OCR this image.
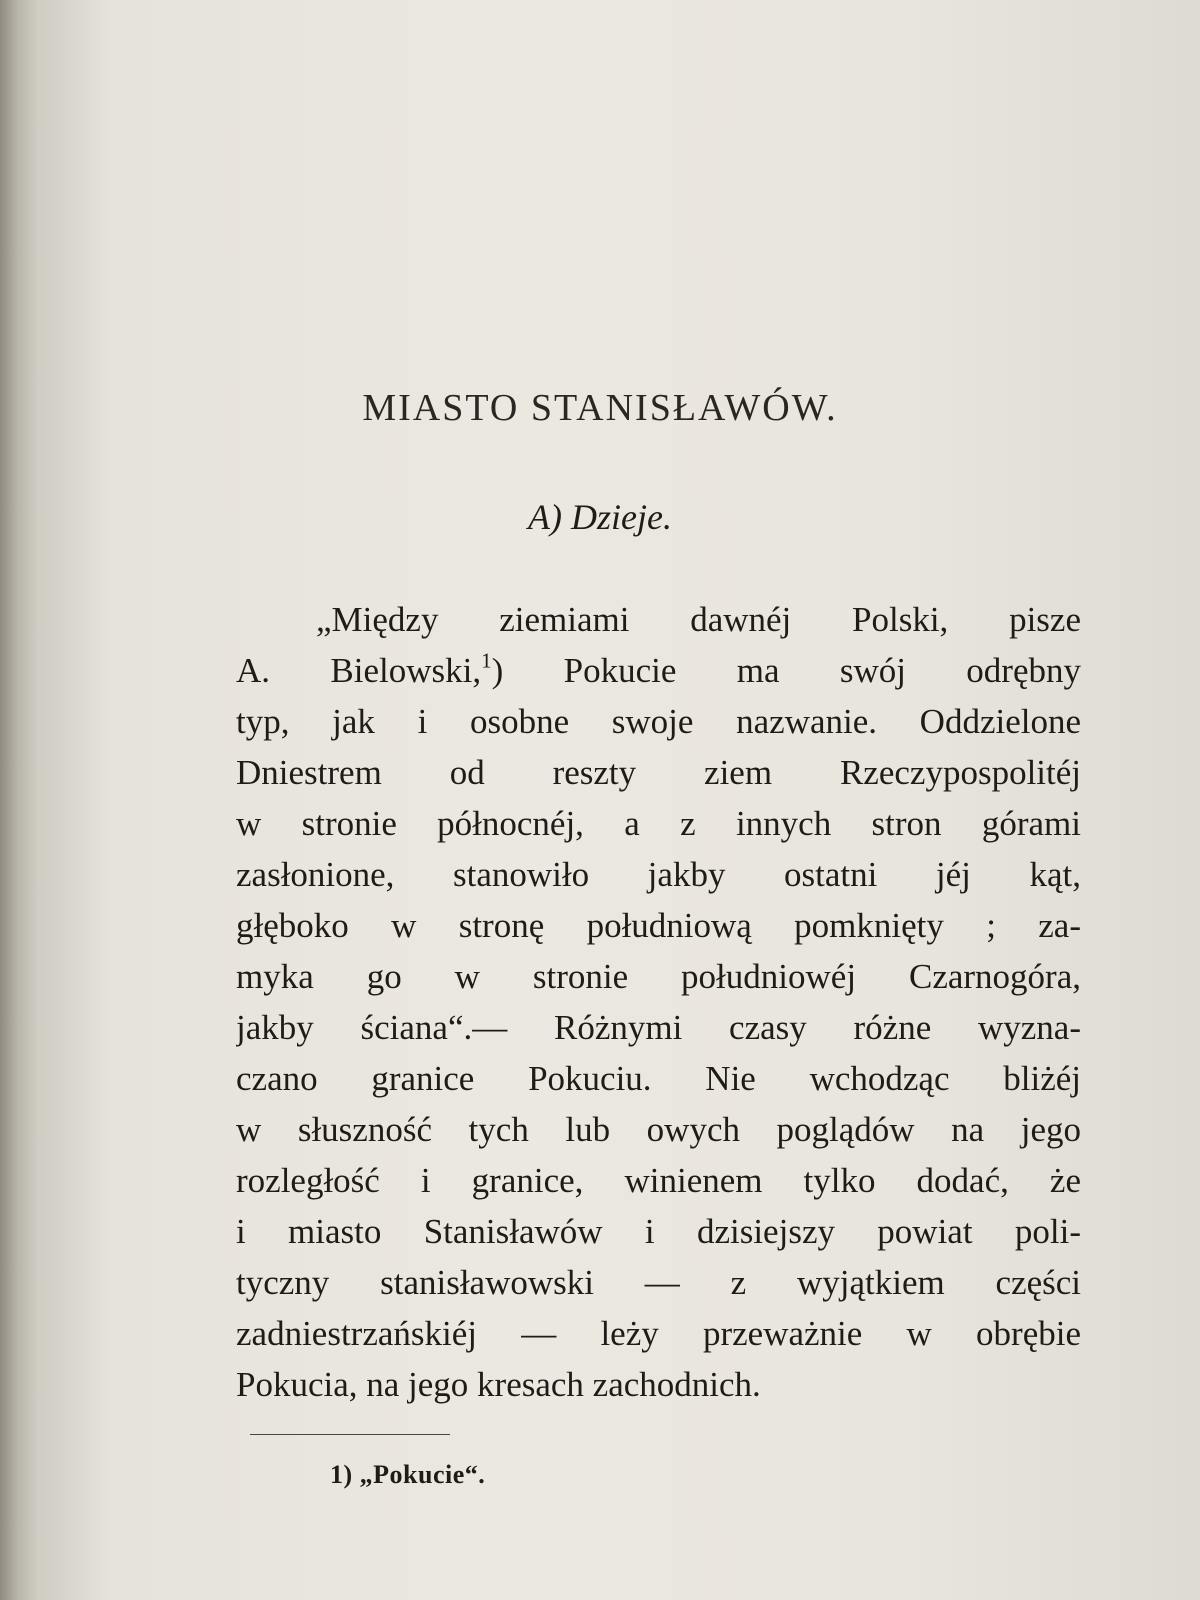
MIASTO STANISŁAWÓW.
A) Dzieje.
„Między ziemiami dawnéj Polski, pisze
A. Bielowski,$^1$) Pokucie ma swój odrębny
typ, jak i osobne swoje nazwanie. Oddzielone
Dniestrem od reszty ziem Rzeczypospolitéj
w stronie północnéj, a z innych stron górami
zasłonione, stanowiło jakby ostatni jéj kąt,
głęboko w stronę południową pomknięty ; za-
myka go w stronie południowéj Czarnogóra,
jakby ściana“.— Różnymi czasy różne wyzna-
czano granice Pokuciu. Nie wchodząc bliżéj
w słuszność tych lub owych poglądów na jego
rozległość i granice, winienem tylko dodać, że
i miasto Stanisławów i dzisiejszy powiat poli-
tyczny stanisławowski — z wyjątkiem części
zadniestrzańskiéj — leży przeważnie w obrębie
Pokucia, na jego kresach zachodnich.
1) „Pokucie“.
